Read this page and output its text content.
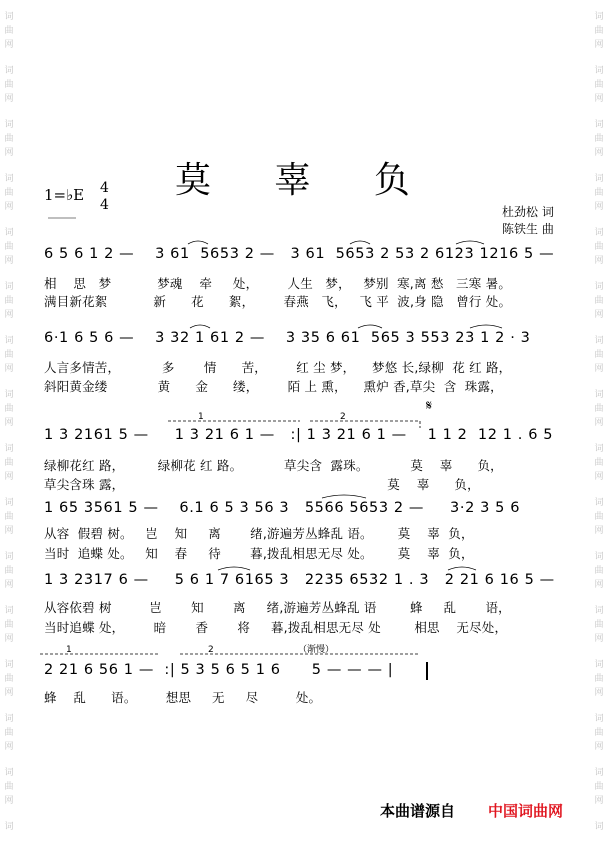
词
曲
网
词
曲
网
词
曲
网
词
曲
网
词
曲
网
词
曲
网
词
曲
网
词
曲
网
词
曲
网
词
曲
网
词
曲
网
词
曲
网
词
曲
网
词
曲
网
词
曲
网
词
词
曲
网
词
曲
网
词
曲
网
词
曲
网
词
曲
网
词
曲
网
词
曲
网
词
曲
网
词
曲
网
词
曲
网
词
曲
网
词
曲
网
词
曲
网
词
曲
网
词
曲
网
词
莫 辜 负
1=♭E 4
4	杜劲松 词
陈铁生 曲
6 5 6 1 2 —    3 61  5653 2 —   3 61  5653 2 53 2 6123 1216 5 —
相    思   梦           梦魂    牵     处，       人生   梦，   梦别  寒,离 愁   三寒 暑。
满目新花絮           新      花      絮，       春燕   飞，   飞 平  波,身 隐   曾行 处。
6·1 6 5 6 —    3 32 1 61 2 —    3 35 6 61  565 3 553 23 1 2 · 3
人言多情苦，          多       情      苦，       红 尘 梦，    梦悠 长,绿柳  花 红 路，
斜阳黄金缕            黄      金      缕，       陌 上 熏，    熏炉 香,草尖  含  珠露，
1 3 2161 5 —     1 3 21 6 1 —   :| 1 3 21 6 1 —    1 1 2  12 1 . 6 5
绿柳花红 路，        绿柳花 红 路。          草尖含  露珠。          莫    辜      负，
草尖含珠 露，                                                               莫    辜      负，
1 65 3561 5 —    6.1 6 5 3 56 3   5566 5653 2 —     3·2 3 5 6
从容  假碧 树。   岂    知     离       绪,游遍芳丛蜂乱 语。      莫    辜  负，
当时  追蝶 处。   知    春     待       暮,拨乱相思无尽 处。      莫    辜  负，
1 3 2317 6 —     5 6 1 7 6165 3   2235 6532 1 . 3   2 21 6 16 5 —
从容依碧 树         岂       知       离     绪,游遍芳丛蜂乱 语        蜂     乱       语，
当时追蝶 处，       暗       香       将     暮,拨乱相思无尽 处        相思    无尽处，
2 21 6 56 1 —  :| 5 3 5 6 5 1 6      5 — — — |
蜂    乱      语。       想思     无     尽         处。
1	2
1	2	（渐慢）
𝄋
本曲谱源自 中国词曲网
